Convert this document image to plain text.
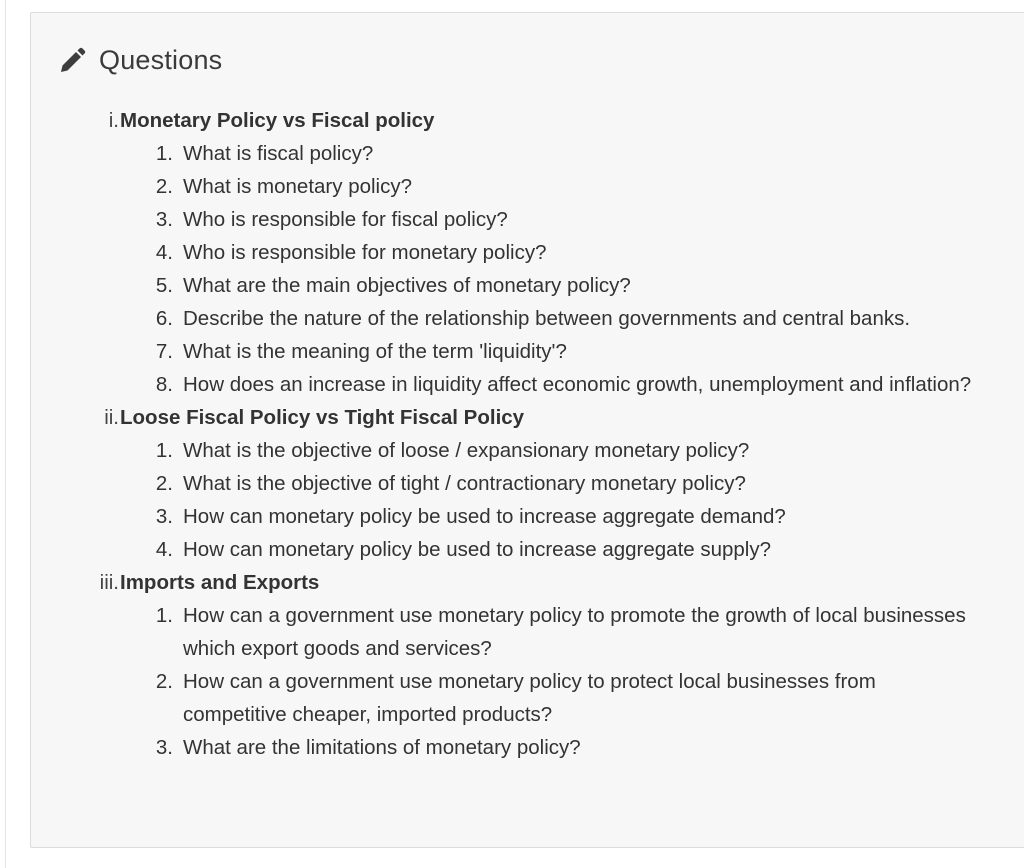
Questions
i. Monetary Policy vs Fiscal policy
1. What is fiscal policy?
2. What is monetary policy?
3. Who is responsible for fiscal policy?
4. Who is responsible for monetary policy?
5. What are the main objectives of monetary policy?
6. Describe the nature of the relationship between governments and central banks.
7. What is the meaning of the term 'liquidity'?
8. How does an increase in liquidity affect economic growth, unemployment and inflation?
ii. Loose Fiscal Policy vs Tight Fiscal Policy
1. What is the objective of loose / expansionary monetary policy?
2. What is the objective of tight / contractionary monetary policy?
3. How can monetary policy be used to increase aggregate demand?
4. How can monetary policy be used to increase aggregate supply?
iii. Imports and Exports
1. How can a government use monetary policy to promote the growth of local businesses which export goods and services?
2. How can a government use monetary policy to protect local businesses from competitive cheaper, imported products?
3. What are the limitations of monetary policy?
